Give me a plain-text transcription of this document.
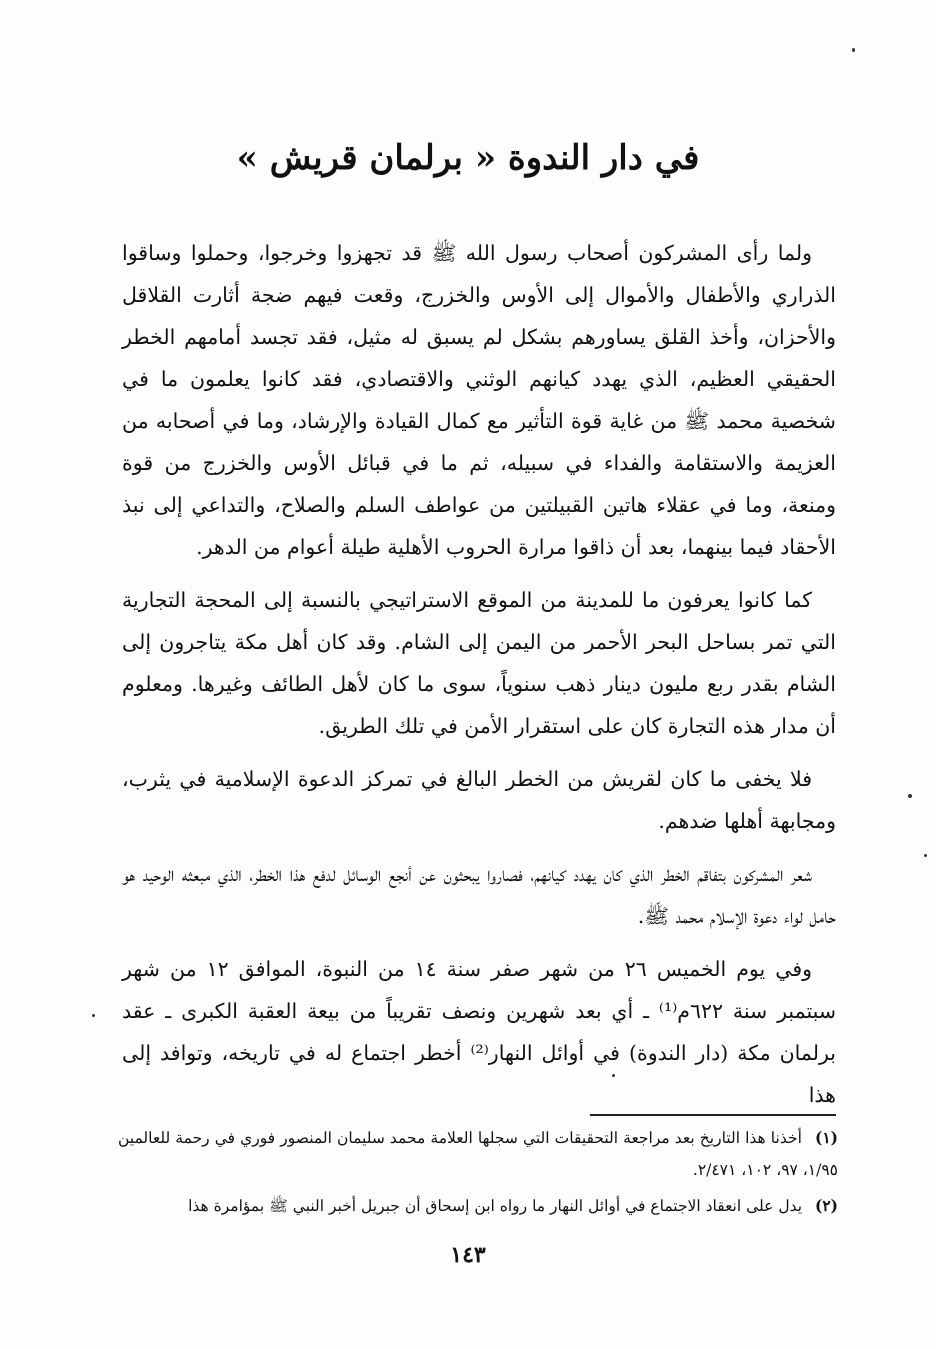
في دار الندوة « برلمان قريش »

ولما رأى المشركون أصحاب رسول الله ﷺ قد تجهزوا وخرجوا، وحملوا وساقوا الذراري والأطفال والأموال إلى الأوس والخزرج، وقعت فيهم ضجة أثارت القلاقل والأحزان، وأخذ القلق يساورهم بشكل لم يسبق له مثيل، فقد تجسد أمامهم الخطر الحقيقي العظيم، الذي يهدد كيانهم الوثني والاقتصادي، فقد كانوا يعلمون ما في شخصية محمد ﷺ من غاية قوة التأثير مع كمال القيادة والإرشاد، وما في أصحابه من العزيمة والاستقامة والفداء في سبيله، ثم ما في قبائل الأوس والخزرج من قوة ومنعة، وما في عقلاء هاتين القبيلتين من عواطف السلم والصلاح، والتداعي إلى نبذ الأحقاد فيما بينهما، بعد أن ذاقوا مرارة الحروب الأهلية طيلة أعوام من الدهر.

كما كانوا يعرفون ما للمدينة من الموقع الاستراتيجي بالنسبة إلى المحجة التجارية التي تمر بساحل البحر الأحمر من اليمن إلى الشام. وقد كان أهل مكة يتاجرون إلى الشام بقدر ربع مليون دينار ذهب سنوياً، سوى ما كان لأهل الطائف وغيرها. ومعلوم أن مدار هذه التجارة كان على استقرار الأمن في تلك الطريق.

فلا يخفى ما كان لقريش من الخطر البالغ في تمركز الدعوة الإسلامية في يثرب، ومجابهة أهلها ضدهم.

شعر المشركون بتفاقم الخطر الذي كان يهدد كيانهم، فصاروا يبحثون عن أنجع الوسائل لدفع هذا الخطر، الذي مبعثه الوحيد هو حامل لواء دعوة الإسلام محمد ﷺ.

وفي يوم الخميس ٢٦ من شهر صفر سنة ١٤ من النبوة، الموافق ١٢ من شهر سبتمبر سنة ٦٢٢م⁽¹⁾ ـ أي بعد شهرين ونصف تقريباً من بيعة العقبة الكبرى ـ عقد برلمان مكة (دار الندوة) في أوائل النهار⁽²⁾ أخطر اجتماع له في تاريخه، وتوافد إلى هذا

(١) أخذنا هذا التاريخ بعد مراجعة التحقيقات التي سجلها العلامة محمد سليمان المنصور فوري في رحمة للعالمين ١/٩٥، ٩٧، ١٠٢، ٢/٤٧١.

(٢) يدل على انعقاد الاجتماع في أوائل النهار ما رواه ابن إسحاق أن جبريل أخبر النبي ﷺ بمؤامرة هذا

١٤٣
